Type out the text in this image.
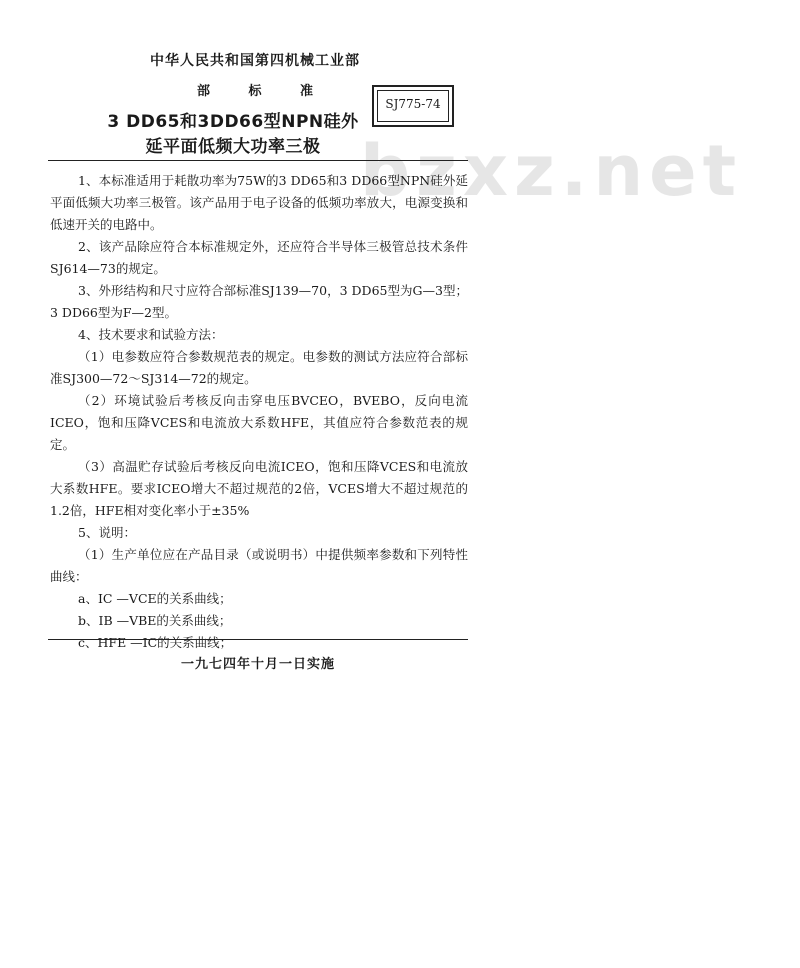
bzxz.net
中华人民共和国第四机械工业部
部	标	准
3 DD65和3DD66型NPN硅外
延平面低频大功率三极
SJ775-74

1、本标准适用于耗散功率为75W的3 DD65和3 DD66型NPN硅外延平面低频大功率三极管。该产品用于电子设备的低频功率放大，电源变换和低速开关的电路中。

2、该产品除应符合本标准规定外，还应符合半导体三极管总技术条件SJ614—73的规定。

3、外形结构和尺寸应符合部标准SJ139—70，3 DD65型为G—3型；3 DD66型为F—2型。

4、技术要求和试验方法：

（1）电参数应符合参数规范表的规定。电参数的测试方法应符合部标准SJ300—72～SJ314—72的规定。

（2）环境试验后考核反向击穿电压BVCEO，BVEBO，反向电流ICEO，饱和压降VCES和电流放大系数HFE，其值应符合参数范表的规定。

（3）高温贮存试验后考核反向电流ICEO，饱和压降VCES和电流放大系数HFE。要求ICEO增大不超过规范的2倍，VCES增大不超过规范的1.2倍，HFE相对变化率小于±35%

5、说明：

（1）生产单位应在产品目录（或说明书）中提供频率参数和下列特性曲线：

a、IC —VCE的关系曲线；

b、IB —VBE的关系曲线；

c、HFE —IC的关系曲线；

一九七四年十月一日实施
